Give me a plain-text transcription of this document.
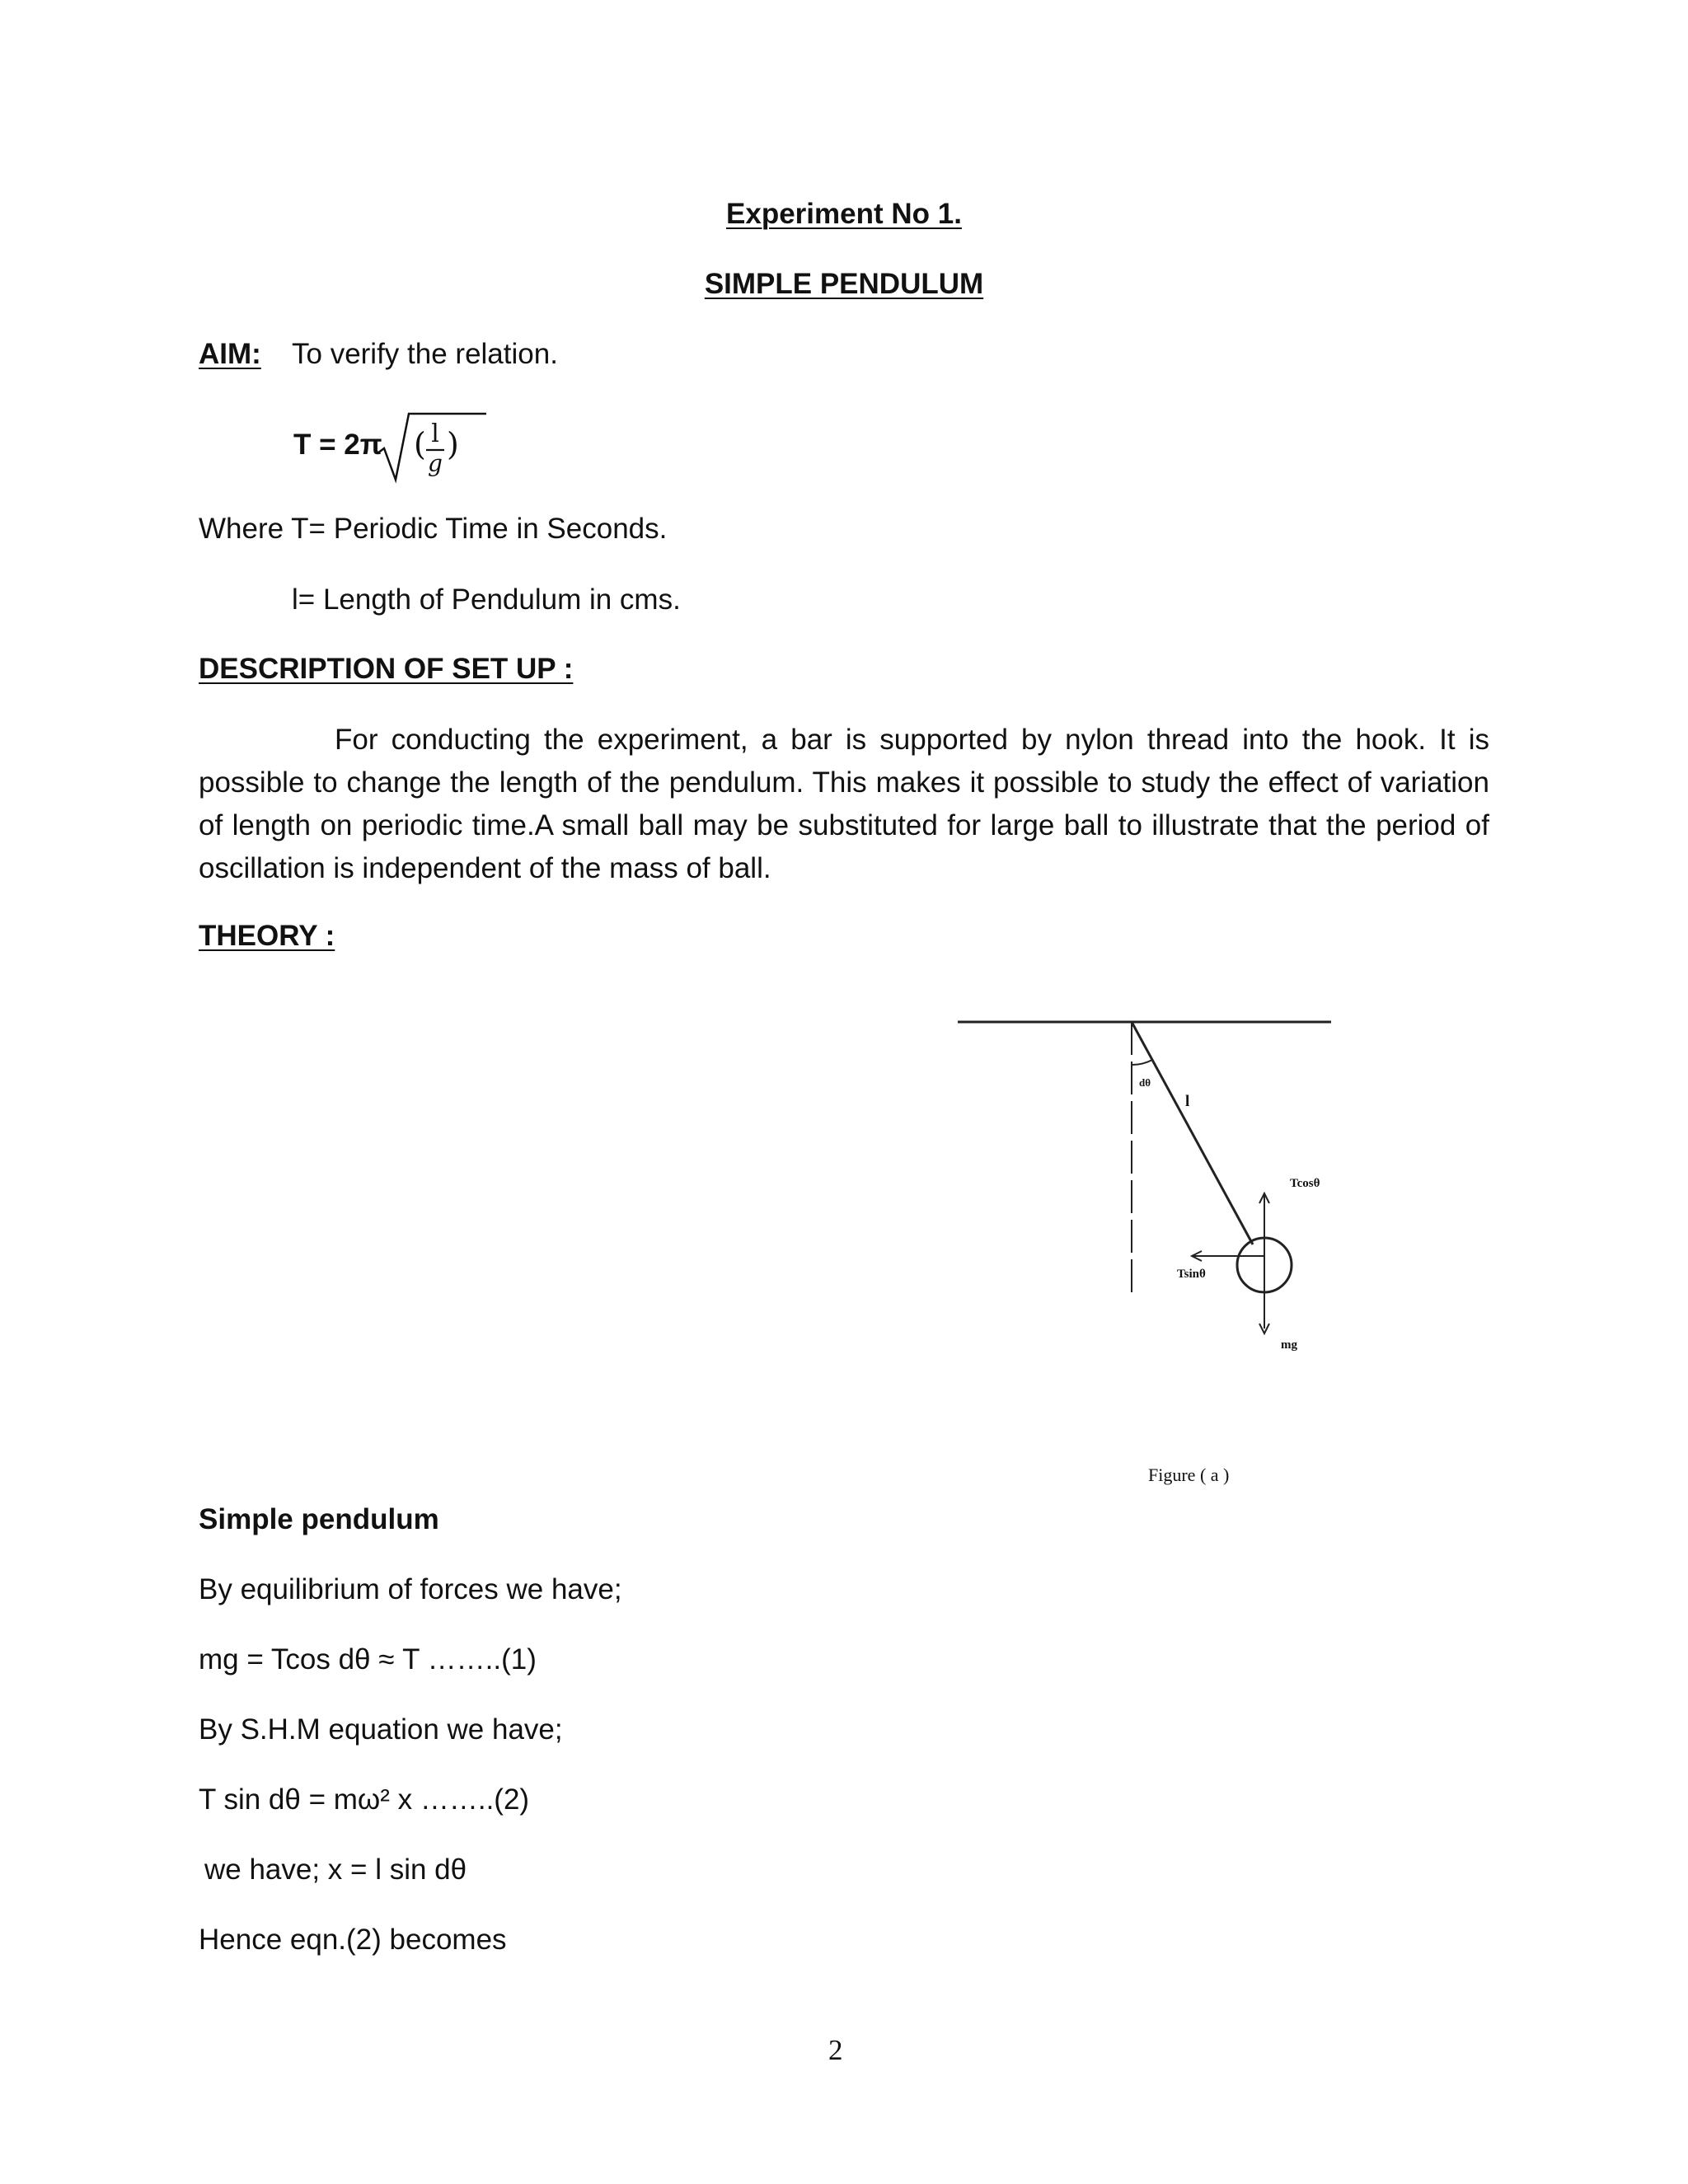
Experiment No 1.
SIMPLE PENDULUM
AIM: To verify the relation.
T = 2π ( l
g
)
Where T= Periodic Time in Seconds.
l= Length of Pendulum in cms.
DESCRIPTION OF SET UP :
For conducting the experiment, a bar is supported by nylon thread into the hook. It is possible to change the length of the pendulum. This makes it possible to study the effect of variation of length on periodic time.A small ball may be substituted for large ball to illustrate that the period of oscillation is independent of the mass of ball.
THEORY :
dθ
l
Tcosθ
Tsinθ
mg
Figure ( a )
Simple pendulum
By equilibrium of forces we have;
mg = Tcos dθ ≈ T ……..(1)
By S.H.M equation we have;
T sin dθ = mω² x ……..(2)
we have; x = l sin dθ
Hence eqn.(2) becomes
2
